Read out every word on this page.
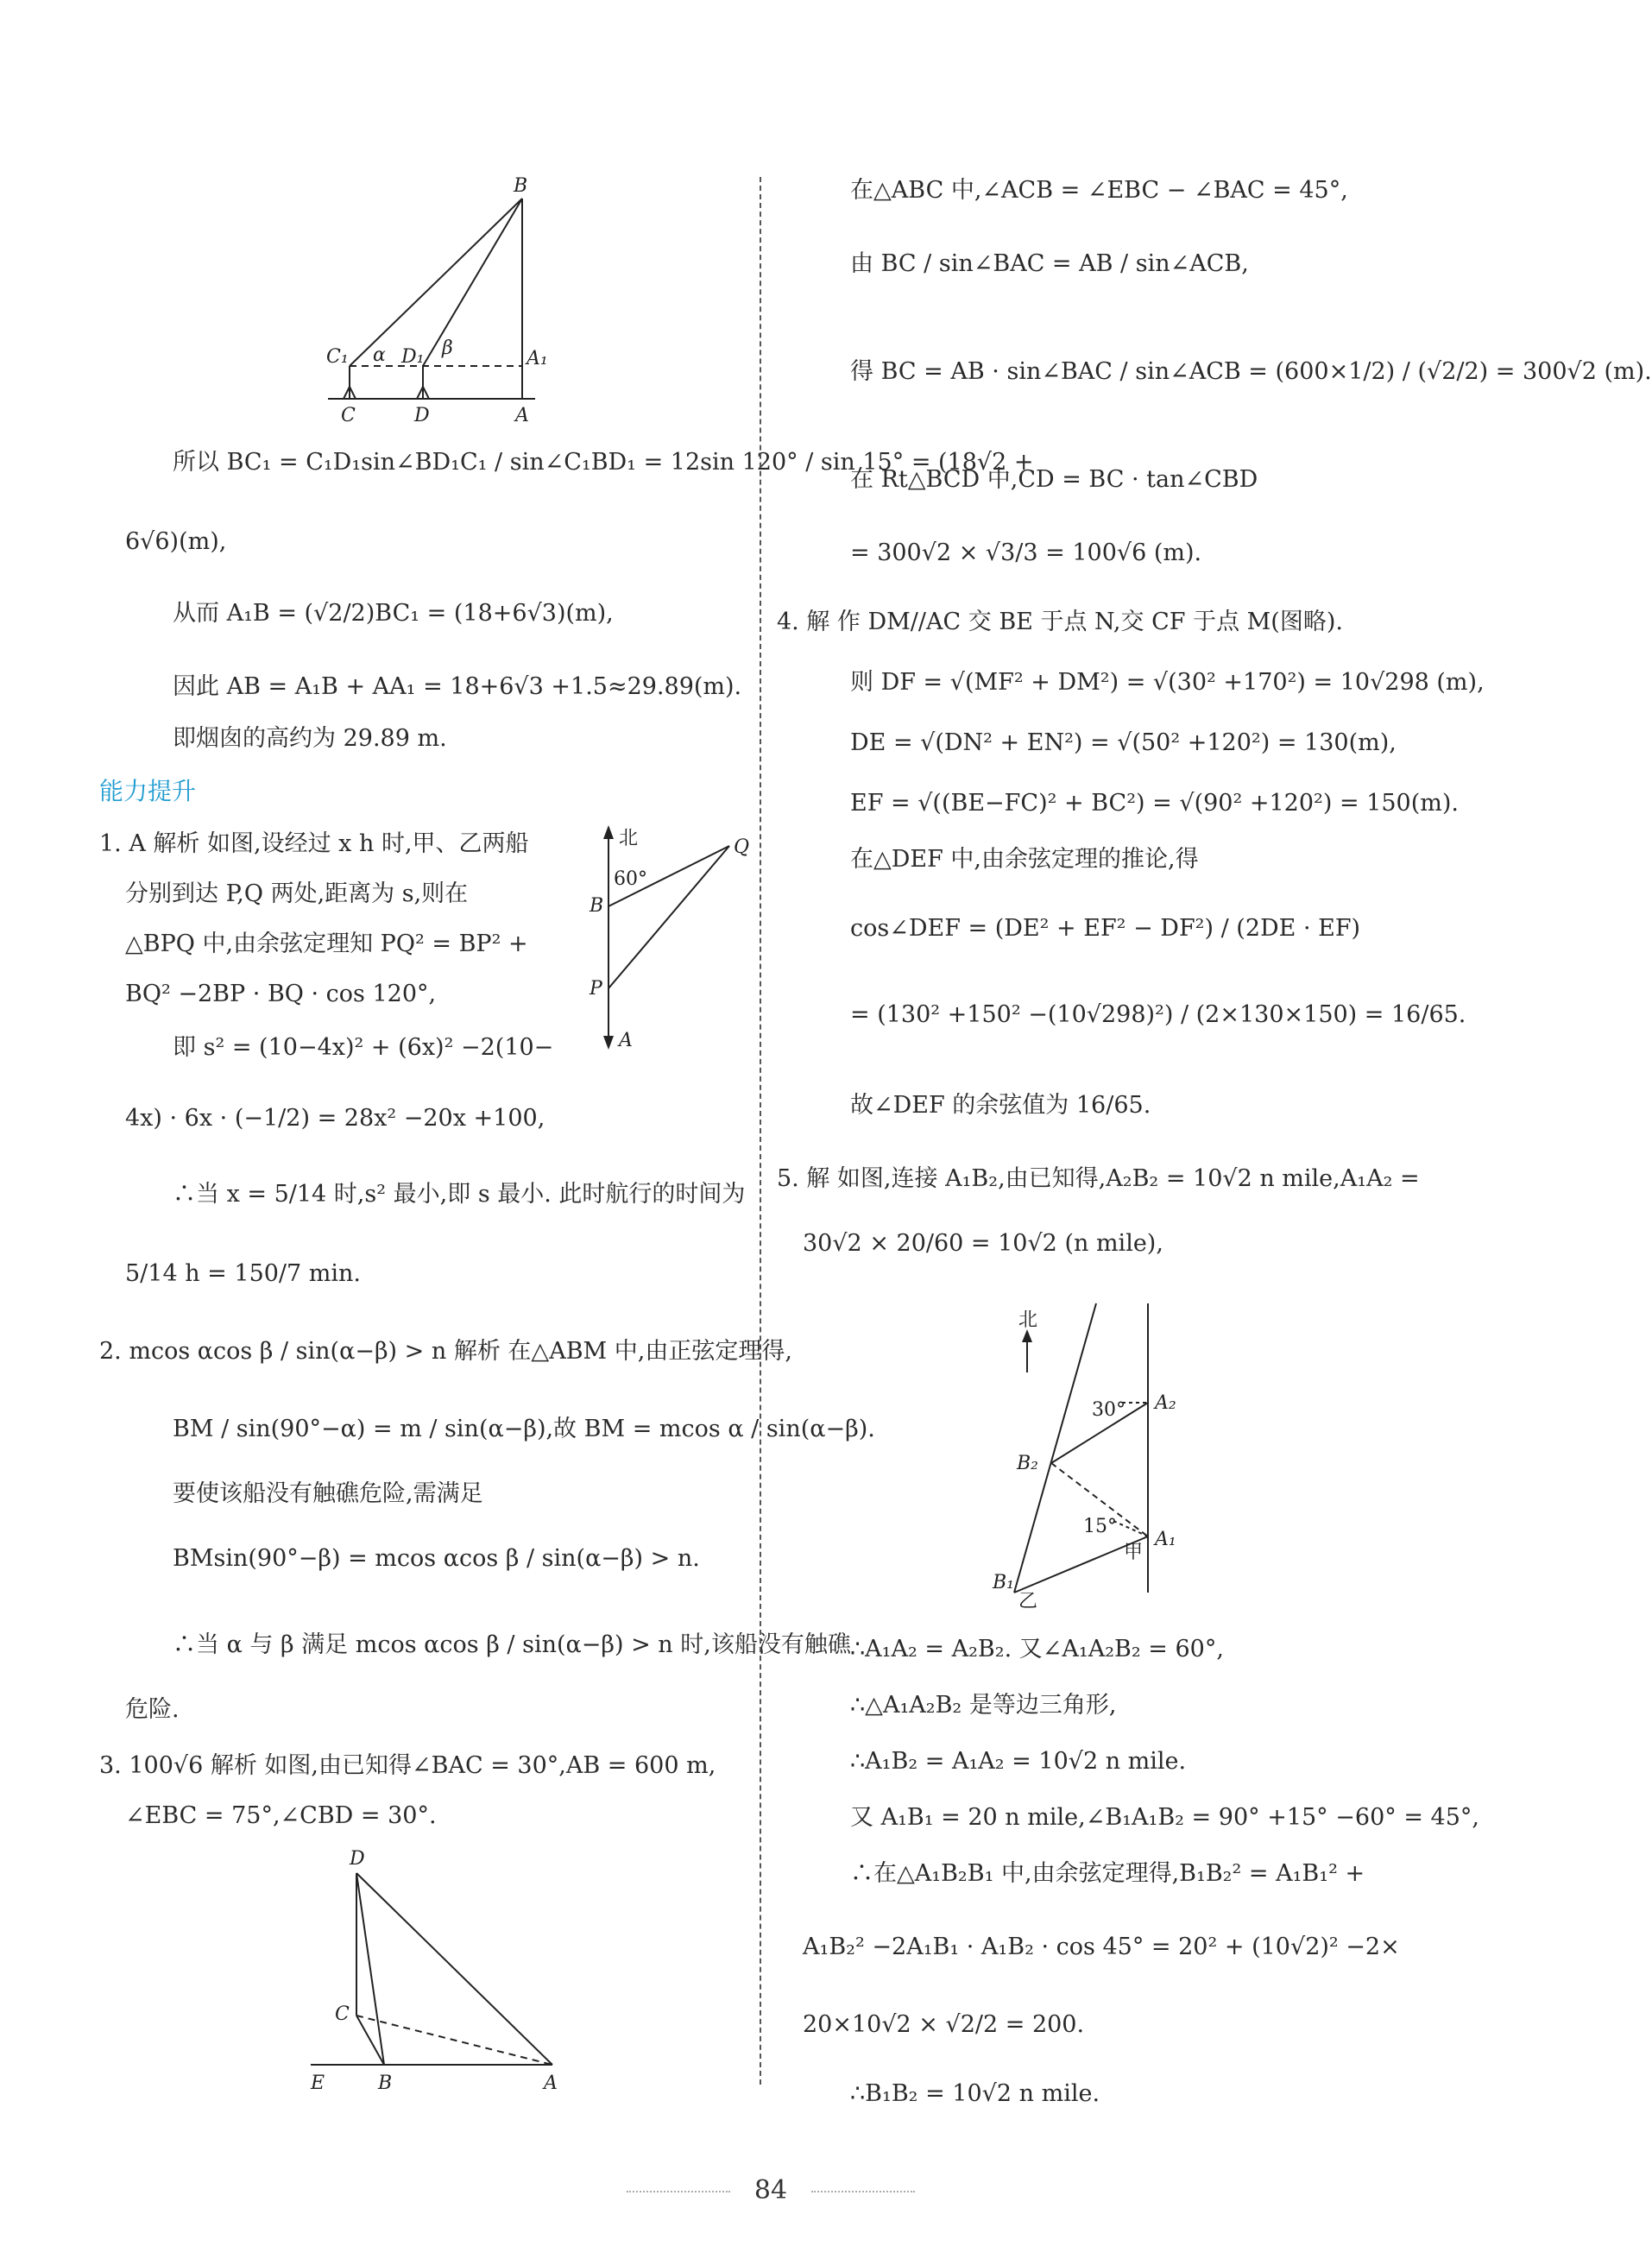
B
C₁ α D₁ β	A₁
C	D	A
所以 BC₁ = C₁D₁sin∠BD₁C₁ / sin∠C₁BD₁ = 12sin 120° / sin 15° = (18√2 +
6√6)(m),
从而 A₁B = (√2/2)BC₁ = (18+6√3)(m),
因此 AB = A₁B + AA₁ = 18+6√3 +1.5≈29.89(m).
即烟囱的高约为 29.89 m.
能力提升
1. A 解析 如图,设经过 x h 时,甲、乙两船
分别到达 P,Q 两处,距离为 s,则在
△BPQ 中,由余弦定理知 PQ² = BP² +
BQ² −2BP · BQ · cos 120°,
即 s² = (10−4x)² + (6x)² −2(10−
北	Q
60°
B
P
A
4x) · 6x · (−1/2) = 28x² −20x +100,
∴当 x = 5/14 时,s² 最小,即 s 最小. 此时航行的时间为
5/14 h = 150/7 min.
2. mcos αcos β / sin(α−β) > n 解析 在△ABM 中,由正弦定理得,
BM / sin(90°−α) = m / sin(α−β),故 BM = mcos α / sin(α−β).
要使该船没有触礁危险,需满足
BMsin(90°−β) = mcos αcos β / sin(α−β) > n.
∴当 α 与 β 满足 mcos αcos β / sin(α−β) > n 时,该船没有触礁
危险.
3. 100√6 解析 如图,由已知得∠BAC = 30°,AB = 600 m,
∠EBC = 75°,∠CBD = 30°.
D
C
E	B	A
在△ABC 中,∠ACB = ∠EBC − ∠BAC = 45°,
由 BC / sin∠BAC = AB / sin∠ACB,
得 BC = AB · sin∠BAC / sin∠ACB = (600×1/2) / (√2/2) = 300√2 (m).
在 Rt△BCD 中,CD = BC · tan∠CBD
= 300√2 × √3/3 = 100√6 (m).
4. 解 作 DM//AC 交 BE 于点 N,交 CF 于点 M(图略).
则 DF = √(MF² + DM²) = √(30² +170²) = 10√298 (m),
DE = √(DN² + EN²) = √(50² +120²) = 130(m),
EF = √((BE−FC)² + BC²) = √(90² +120²) = 150(m).
在△DEF 中,由余弦定理的推论,得
cos∠DEF = (DE² + EF² − DF²) / (2DE · EF)
= (130² +150² −(10√298)²) / (2×130×150) = 16/65.
故∠DEF 的余弦值为 16/65.
5. 解 如图,连接 A₁B₂,由已知得,A₂B₂ = 10√2 n mile,A₁A₂ =
30√2 × 20/60 = 10√2 (n mile),
北
30° A₂
B₂
15°
A₁
甲
B₁
乙
∴A₁A₂ = A₂B₂. 又∠A₁A₂B₂ = 60°,
∴△A₁A₂B₂ 是等边三角形,
∴A₁B₂ = A₁A₂ = 10√2 n mile.
又 A₁B₁ = 20 n mile,∠B₁A₁B₂ = 90° +15° −60° = 45°,
∴在△A₁B₂B₁ 中,由余弦定理得,B₁B₂² = A₁B₁² +
A₁B₂² −2A₁B₁ · A₁B₂ · cos 45° = 20² + (10√2)² −2×
20×10√2 × √2/2 = 200.
∴B₁B₂ = 10√2 n mile.
84
